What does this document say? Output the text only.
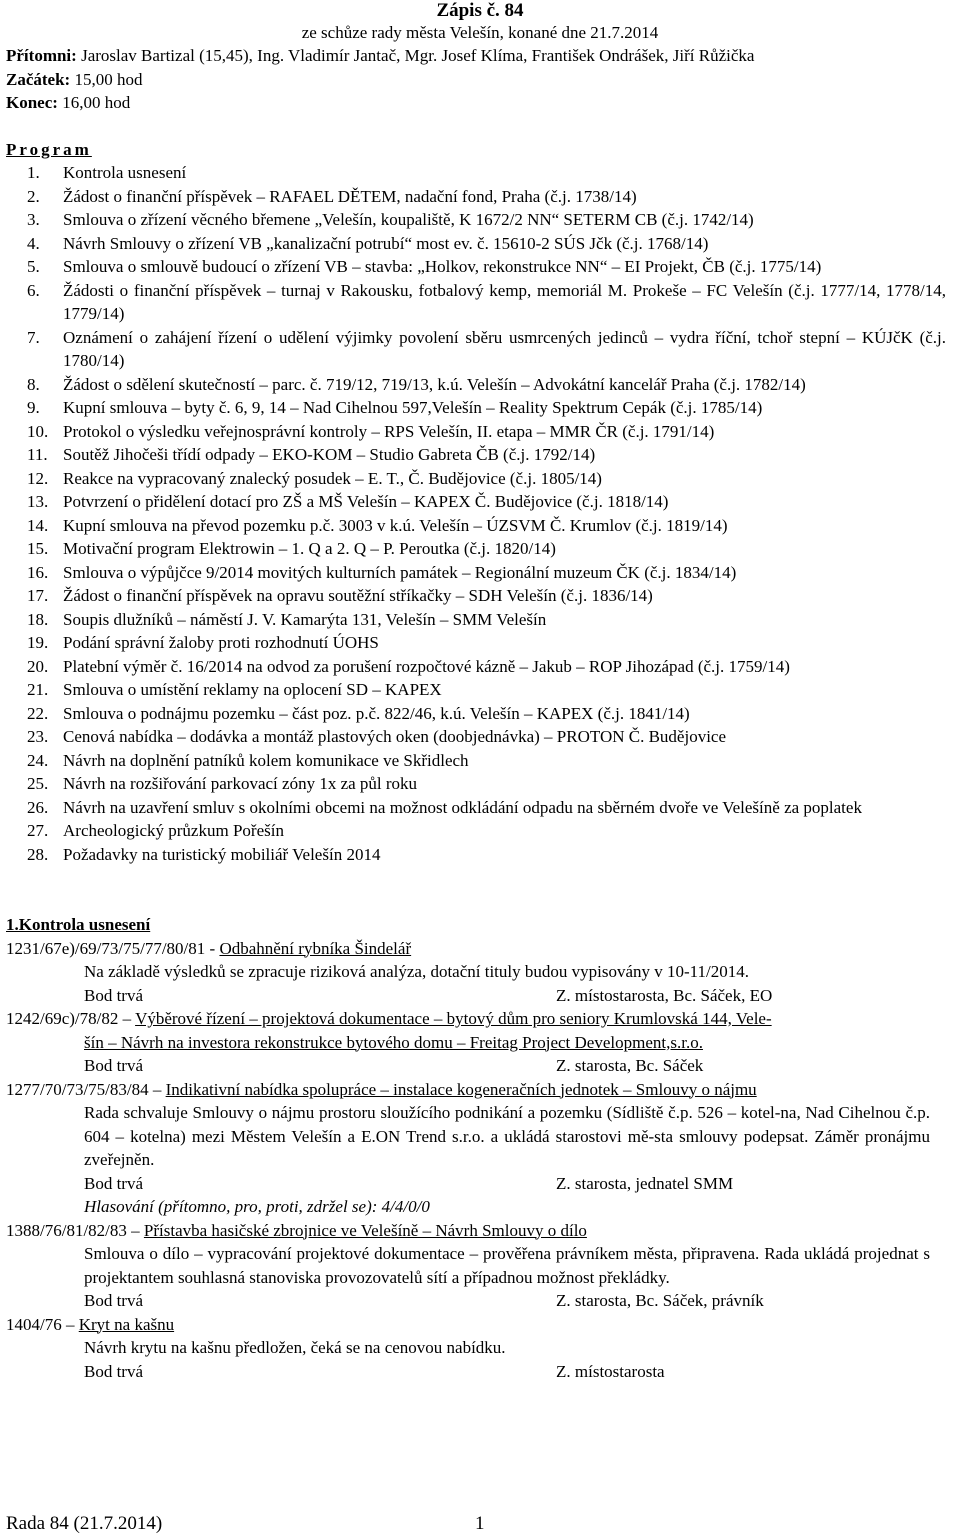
Zápis č. 84
ze schůze rady města Velešín, konané dne 21.7.2014
Přítomni: Jaroslav Bartizal (15,45), Ing. Vladimír Jantač, Mgr. Josef Klíma, František Ondrášek, Jiří Růžička
Začátek: 15,00 hod
Konec: 16,00 hod
Program
1.	Kontrola usnesení
2.	Žádost o finanční příspěvek – RAFAEL DĚTEM, nadační fond, Praha (č.j. 1738/14)
3.	Smlouva o zřízení věcného břemene „Velešín, koupaliště, K 1672/2 NN“ SETERM CB (č.j. 1742/14)
4.	Návrh Smlouvy o zřízení VB „kanalizační potrubí“ most ev. č. 15610-2 SÚS Jčk (č.j. 1768/14)
5.	Smlouva o smlouvě budoucí o zřízení VB – stavba: „Holkov, rekonstrukce NN“ – EI Projekt, ČB (č.j. 1775/14)
6.	Žádosti o finanční příspěvek – turnaj v Rakousku, fotbalový kemp, memoriál M. Prokeše – FC Velešín (č.j. 1777/14, 1778/14, 1779/14)
7.	Oznámení o zahájení řízení o udělení výjimky povolení sběru usmrcených jedinců – vydra říční, tchoř stepní – KÚJčK (č.j. 1780/14)
8.	Žádost o sdělení skutečností – parc. č. 719/12, 719/13, k.ú. Velešín – Advokátní kancelář Praha (č.j. 1782/14)
9.	Kupní smlouva – byty č. 6, 9, 14 – Nad Cihelnou 597,Velešín – Reality Spektrum Cepák (č.j. 1785/14)
10. Protokol o výsledku veřejnosprávní kontroly – RPS Velešín, II. etapa – MMR ČR (č.j. 1791/14)
11. Soutěž Jihočeši třídí odpady – EKO-KOM – Studio Gabreta ČB (č.j. 1792/14)
12. Reakce na vypracovaný znalecký posudek – E. T., Č. Budějovice (č.j. 1805/14)
13. Potvrzení o přidělení dotací pro ZŠ a MŠ Velešín – KAPEX Č. Budějovice (č.j. 1818/14)
14. Kupní smlouva na převod pozemku p.č. 3003 v k.ú. Velešín – ÚZSVM Č. Krumlov (č.j. 1819/14)
15. Motivační program Elektrowin – 1. Q a 2. Q – P. Peroutka (č.j. 1820/14)
16. Smlouva o výpůjčce 9/2014 movitých kulturních památek – Regionální muzeum ČK (č.j. 1834/14)
17. Žádost o finanční příspěvek na opravu soutěžní stříkačky – SDH Velešín (č.j. 1836/14)
18. Soupis dlužníků – náměstí J. V. Kamarýta 131, Velešín – SMM Velešín
19. Podání správní žaloby proti rozhodnutí ÚOHS
20. Platební výměr č. 16/2014 na odvod za porušení rozpočtové kázně – Jakub – ROP Jihozápad (č.j. 1759/14)
21. Smlouva o umístění reklamy na oplocení SD – KAPEX
22. Smlouva o podnájmu pozemku – část poz. p.č. 822/46, k.ú. Velešín – KAPEX (č.j. 1841/14)
23. Cenová nabídka – dodávka a montáž plastových oken (doobjednávka) – PROTON Č. Budějovice
24. Návrh na doplnění patníků kolem komunikace ve Skřidlech
25. Návrh na rozšiřování parkovací zóny 1x za půl roku
26. Návrh na uzavření smluv s okolními obcemi na možnost odkládání odpadu na sběrném dvoře ve Velešíně za poplatek
27. Archeologický průzkum Pořešín
28. Požadavky na turistický mobiliář Velešín 2014
1.Kontrola usnesení
1231/67e)/69/73/75/77/80/81 - Odbahnění rybníka Šindelář
Na základě výsledků se zpracuje riziková analýza, dotační tituly budou vypisovány v 10-11/2014.
Bod trvá	Z. místostarosta, Bc. Sáček, EO
1242/69c)/78/82 – Výběrové řízení – projektová dokumentace – bytový dům pro seniory Krumlovská 144, Vele-
šín – Návrh na investora rekonstrukce bytového domu – Freitag Project Development,s.r.o.
Bod trvá	Z. starosta, Bc. Sáček
1277/70/73/75/83/84 – Indikativní nabídka spolupráce – instalace kogeneračních jednotek – Smlouvy o nájmu
Rada schvaluje Smlouvy o nájmu prostoru sloužícího podnikání a pozemku (Sídliště č.p. 526 – kotel-na, Nad Cihelnou č.p. 604 – kotelna) mezi Městem Velešín a E.ON Trend s.r.o. a ukládá starostovi mě-sta smlouvy podepsat. Záměr pronájmu zveřejněn.
Bod trvá	Z. starosta, jednatel SMM
Hlasování (přítomno, pro, proti, zdržel se): 4/4/0/0
1388/76/81/82/83 – Přístavba hasičské zbrojnice ve Velešíně – Návrh Smlouvy o dílo
Smlouva o dílo – vypracování projektové dokumentace – prověřena právníkem města, připravena. Rada ukládá projednat s projektantem souhlasná stanoviska provozovatelů sítí a případnou možnost překládky.
Bod trvá	Z. starosta, Bc. Sáček, právník
1404/76 – Kryt na kašnu
Návrh krytu na kašnu předložen, čeká se na cenovou nabídku.
Bod trvá	Z. místostarosta
Rada 84 (21.7.2014)	1
